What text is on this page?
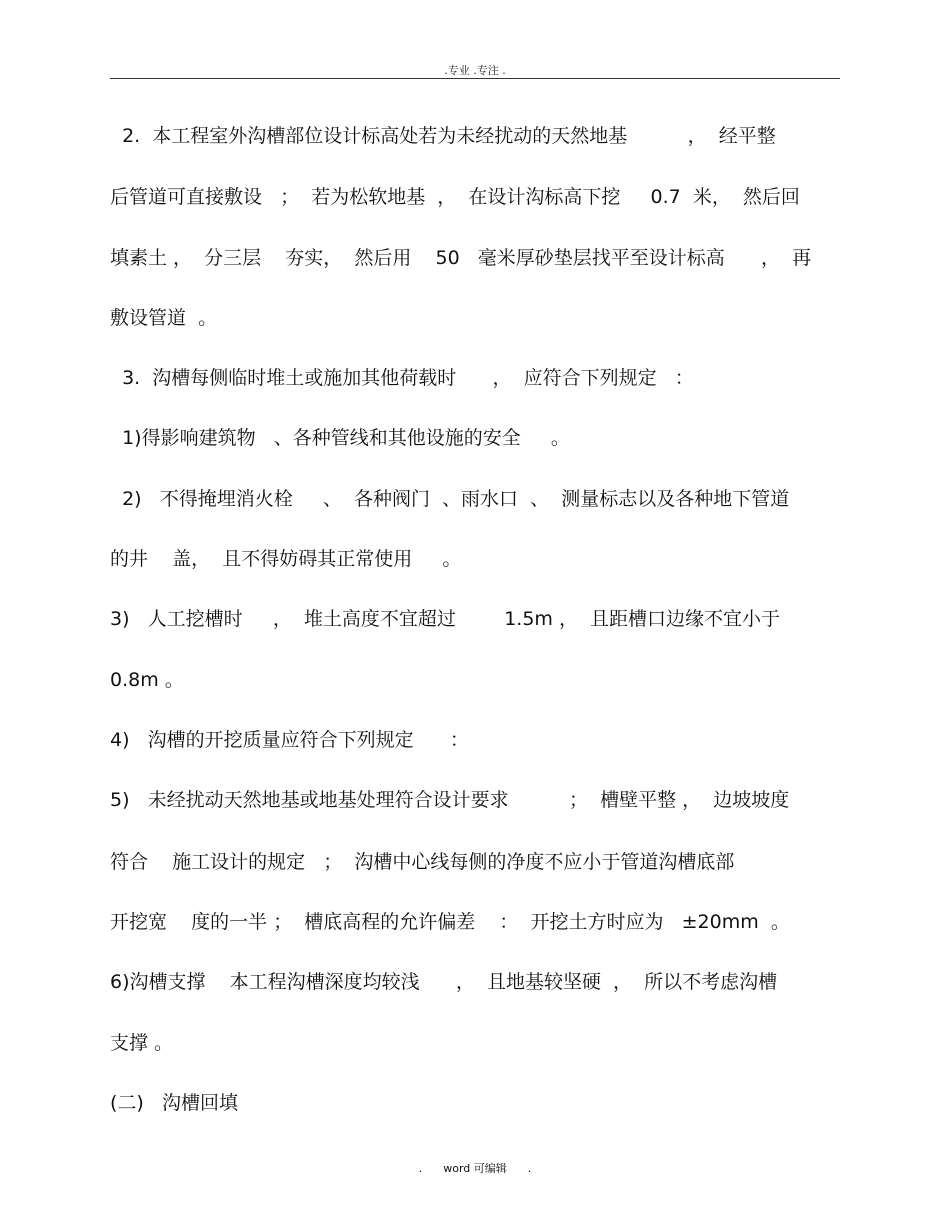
.专业 .专注 .
2.  本工程室外沟槽部位设计标高处若为未经扰动的天然地基          ，  经平整
后管道可直接敷设   ；  若为松软地基  ，  在设计沟标高下挖     0.7  米，  然后回
填素土 ，  分三层    夯实，  然后用    50   毫米厚砂垫层找平至设计标高      ，  再
敷设管道  。
3.  沟槽每侧临时堆土或施加其他荷载时      ，  应符合下列规定   ：
1)得影响建筑物   、各种管线和其他设施的安全     。
2)   不得掩埋消火栓     、  各种阀门  、雨水口  、  测量标志以及各种地下管道
的井    盖，  且不得妨碍其正常使用     。
3)   人工挖槽时     ，  堆土高度不宜超过        1.5m ，  且距槽口边缘不宜小于
0.8m 。
4)   沟槽的开挖质量应符合下列规定      ：
5)   未经扰动天然地基或地基处理符合设计要求          ；  槽壁平整 ，  边坡坡度
符合    施工设计的规定   ；  沟槽中心线每侧的净度不应小于管道沟槽底部
开挖宽    度的一半 ；  槽底高程的允许偏差    ：  开挖土方时应为   ±20mm  。
6)沟槽支撑    本工程沟槽深度均较浅      ，  且地基较坚硬  ，  所以不考虑沟槽
支撑 。
(二)   沟槽回填
.      word 可编辑      .
